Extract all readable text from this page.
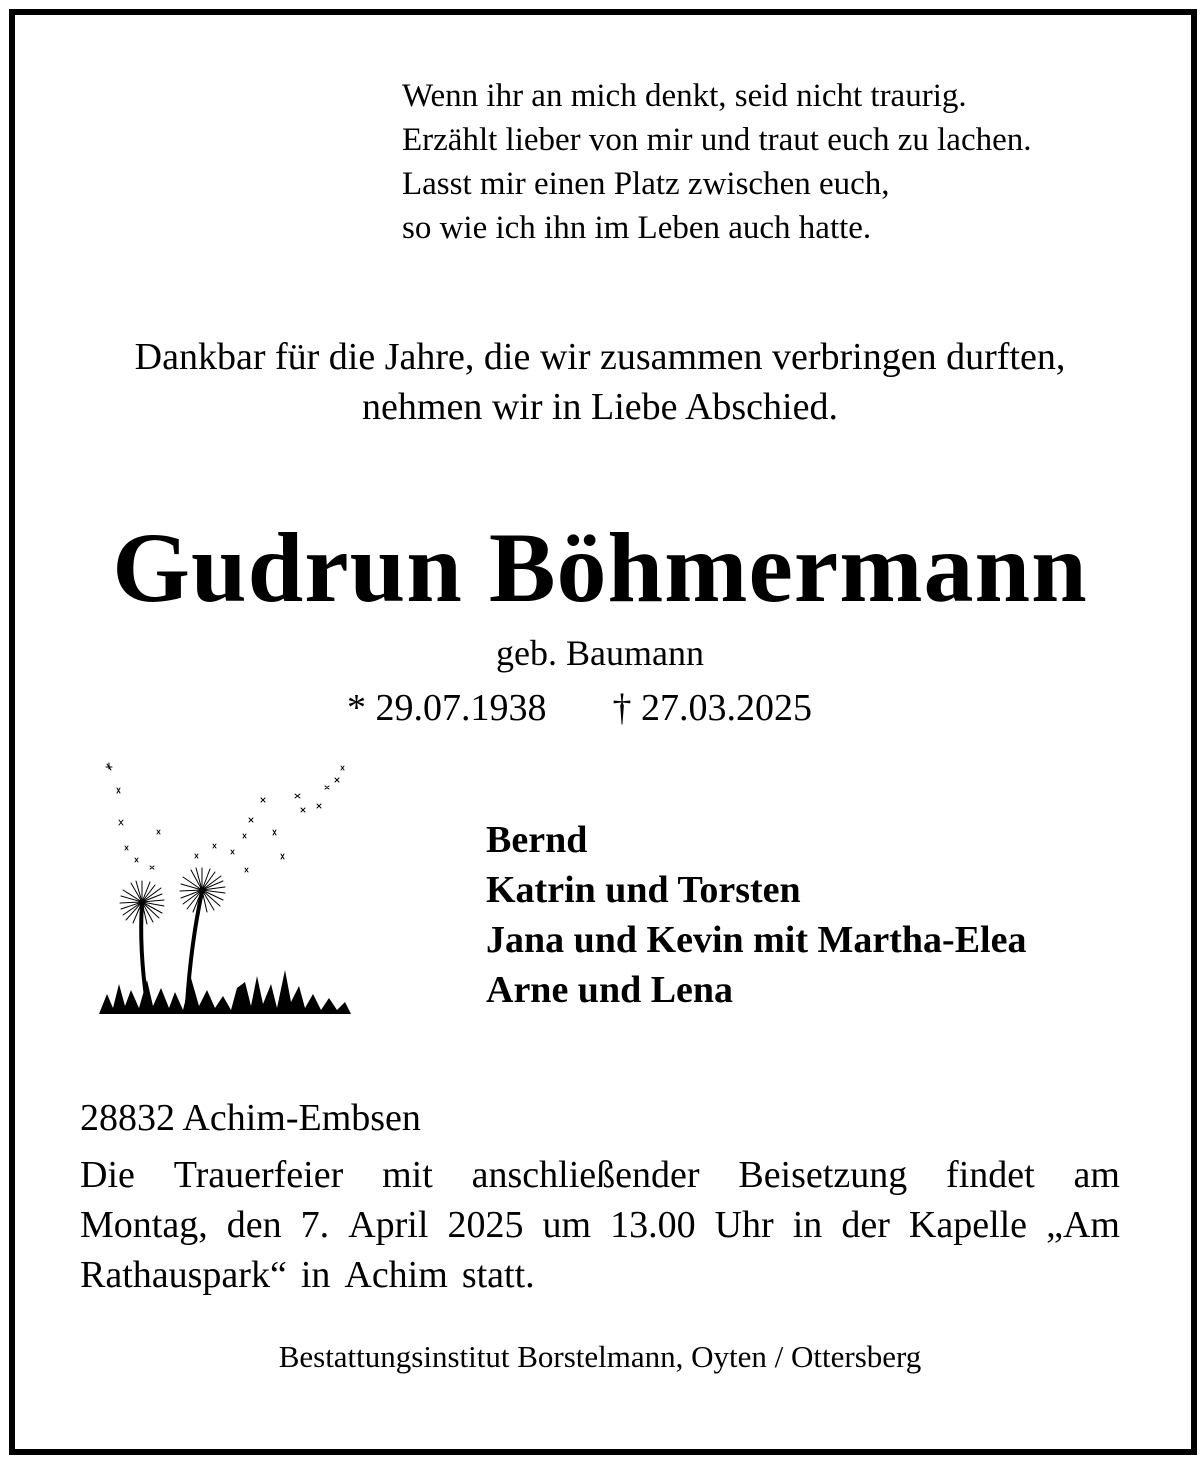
Wenn ihr an mich denkt, seid nicht traurig.
Erzählt lieber von mir und traut euch zu lachen.
Lasst mir einen Platz zwischen euch,
so wie ich ihn im Leben auch hatte.
Dankbar für die Jahre, die wir zusammen verbringen durften,
nehmen wir in Liebe Abschied.
Gudrun Böhmermann
geb. Baumann
* 29.07.1938 † 27.03.2025
Bernd
Katrin und Torsten
Jana und Kevin mit Martha-Elea
Arne und Lena
28832 Achim-Embsen
Die Trauerfeier mit anschließender Beisetzung findet am
Montag, den 7. April 2025 um 13.00 Uhr in der Kapelle „Am
Rathauspark“ in Achim statt.
Bestattungsinstitut Borstelmann, Oyten / Ottersberg
